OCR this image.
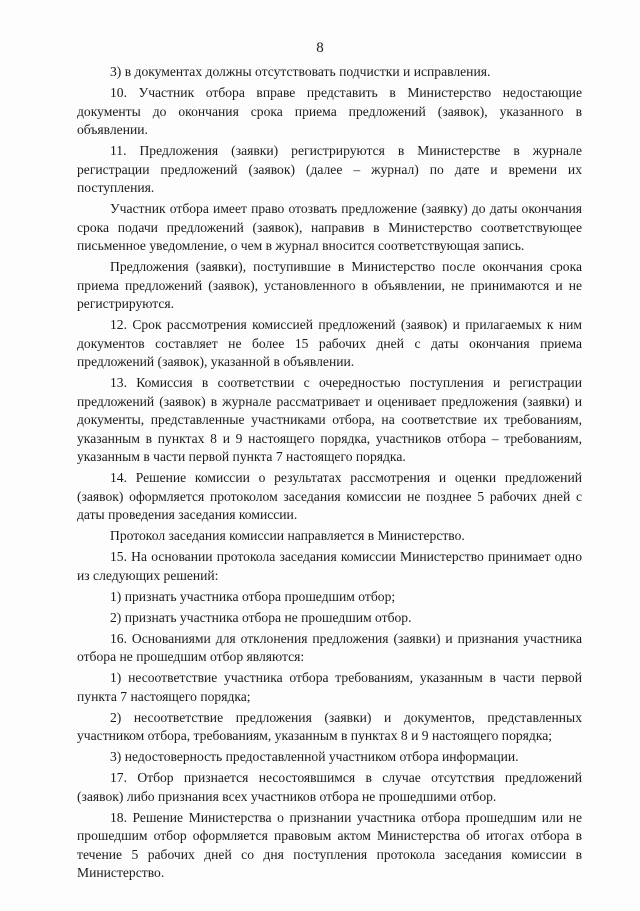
8

3) в документах должны отсутствовать подчистки и исправления.

10. Участник отбора вправе представить в Министерство недостающие документы до окончания срока приема предложений (заявок), указанного в объявлении.

11. Предложения (заявки) регистрируются в Министерстве в журнале регистрации предложений (заявок) (далее – журнал) по дате и времени их поступления.

Участник отбора имеет право отозвать предложение (заявку) до даты окончания срока подачи предложений (заявок), направив в Министерство соответствующее письменное уведомление, о чем в журнал вносится соответствующая запись.

Предложения (заявки), поступившие в Министерство после окончания срока приема предложений (заявок), установленного в объявлении, не принимаются и не регистрируются.

12. Срок рассмотрения комиссией предложений (заявок) и прилагаемых к ним документов составляет не более 15 рабочих дней с даты окончания приема предложений (заявок), указанной в объявлении.

13. Комиссия в соответствии с очередностью поступления и регистрации предложений (заявок) в журнале рассматривает и оценивает предложения (заявки) и документы, представленные участниками отбора, на соответствие их требованиям, указанным в пунктах 8 и 9 настоящего порядка, участников отбора – требованиям, указанным в части первой пункта 7 настоящего порядка.

14. Решение комиссии о результатах рассмотрения и оценки предложений (заявок) оформляется протоколом заседания комиссии не позднее 5 рабочих дней с даты проведения заседания комиссии.

Протокол заседания комиссии направляется в Министерство.

15. На основании протокола заседания комиссии Министерство принимает одно из следующих решений:

1) признать участника отбора прошедшим отбор;

2) признать участника отбора не прошедшим отбор.

16. Основаниями для отклонения предложения (заявки) и признания участника отбора не прошедшим отбор являются:

1) несоответствие участника отбора требованиям, указанным в части первой пункта 7 настоящего порядка;

2) несоответствие предложения (заявки) и документов, представленных участником отбора, требованиям, указанным в пунктах 8 и 9 настоящего порядка;

3) недостоверность предоставленной участником отбора информации.

17. Отбор признается несостоявшимся в случае отсутствия предложений (заявок) либо признания всех участников отбора не прошедшими отбор.

18. Решение Министерства о признании участника отбора прошедшим или не прошедшим отбор оформляется правовым актом Министерства об итогах отбора в течение 5 рабочих дней со дня поступления протокола заседания комиссии в Министерство.
